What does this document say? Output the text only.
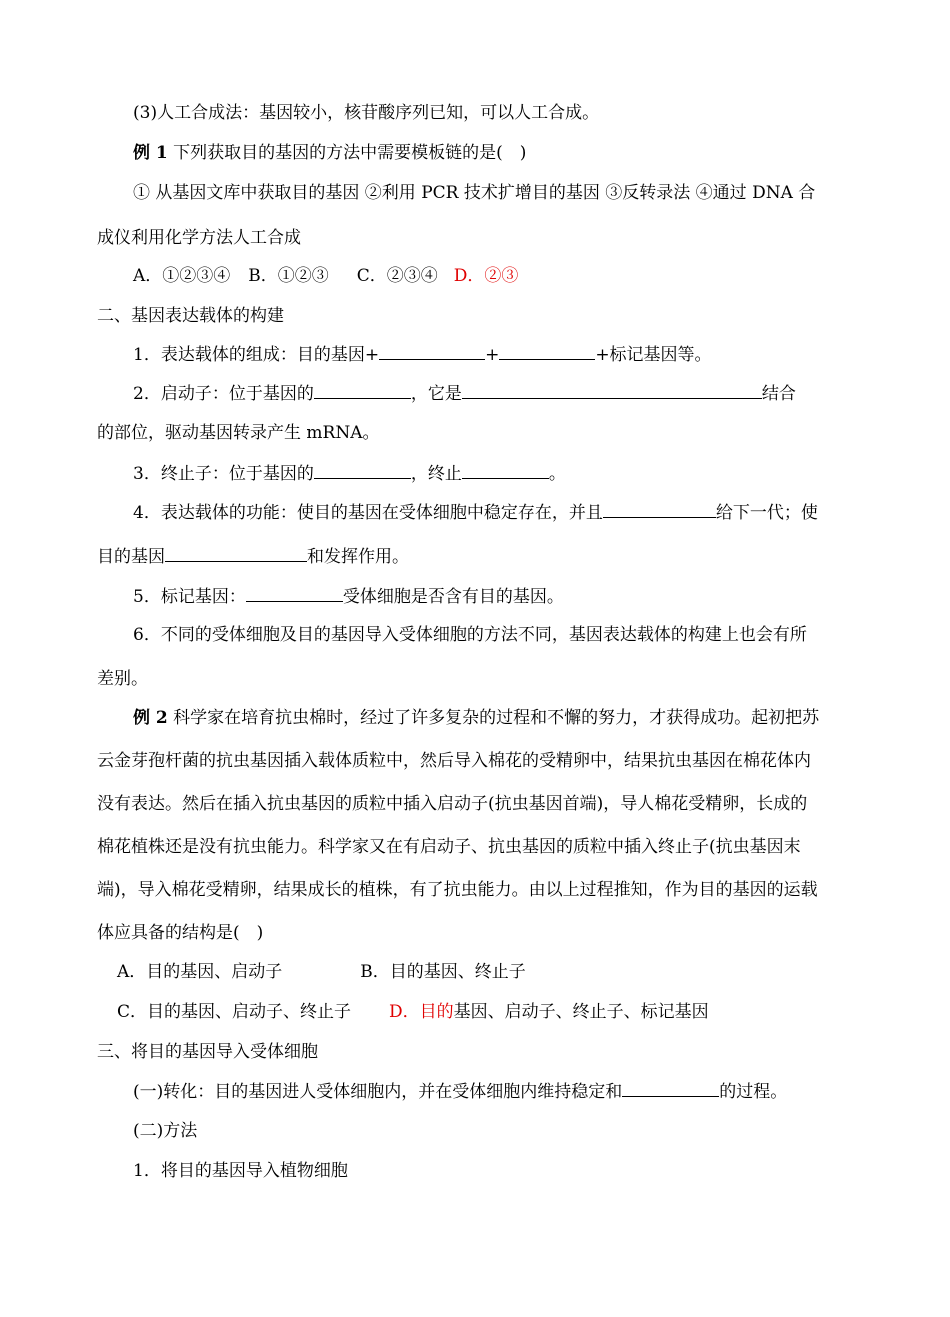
(3)人工合成法：基因较小，核苷酸序列已知，可以人工合成。

例 1 下列获取目的基因的方法中需要模板链的是(　)

① 从基因文库中获取目的基因 ②利用 PCR 技术扩增目的基因 ③反转录法 ④通过 DNA 合

成仪利用化学方法人工合成

A．①②③④ B．①②③ C．②③④ D．②③

二、基因表达载体的构建

1．表达载体的组成：目的基因+	+	+标记基因等。

2．启动子：位于基因的	，它是	结合

的部位，驱动基因转录产生 mRNA。

3．终止子：位于基因的	，终止	。

4．表达载体的功能：使目的基因在受体细胞中稳定存在，并且	给下一代；使

目的基因	和发挥作用。

5．标记基因：	受体细胞是否含有目的基因。

6．不同的受体细胞及目的基因导入受体细胞的方法不同，基因表达载体的构建上也会有所

差别。

例 2 科学家在培育抗虫棉时，经过了许多复杂的过程和不懈的努力，才获得成功。起初把苏

云金芽孢杆菌的抗虫基因插入载体质粒中，然后导入棉花的受精卵中，结果抗虫基因在棉花体内

没有表达。然后在插入抗虫基因的质粒中插入启动子(抗虫基因首端)，导人棉花受精卵，长成的

棉花植株还是没有抗虫能力。科学家又在有启动子、抗虫基因的质粒中插入终止子(抗虫基因末

端)，导入棉花受精卵，结果成长的植株，有了抗虫能力。由以上过程推知，作为目的基因的运载

体应具备的结构是(　)

A．目的基因、启动子	B．目的基因、终止子

C．目的基因、启动子、终止子 D．目的基因、启动子、终止子、标记基因

三、将目的基因导入受体细胞

(一)转化：目的基因进人受体细胞内，并在受体细胞内维持稳定和	的过程。

(二)方法

1．将目的基因导入植物细胞
